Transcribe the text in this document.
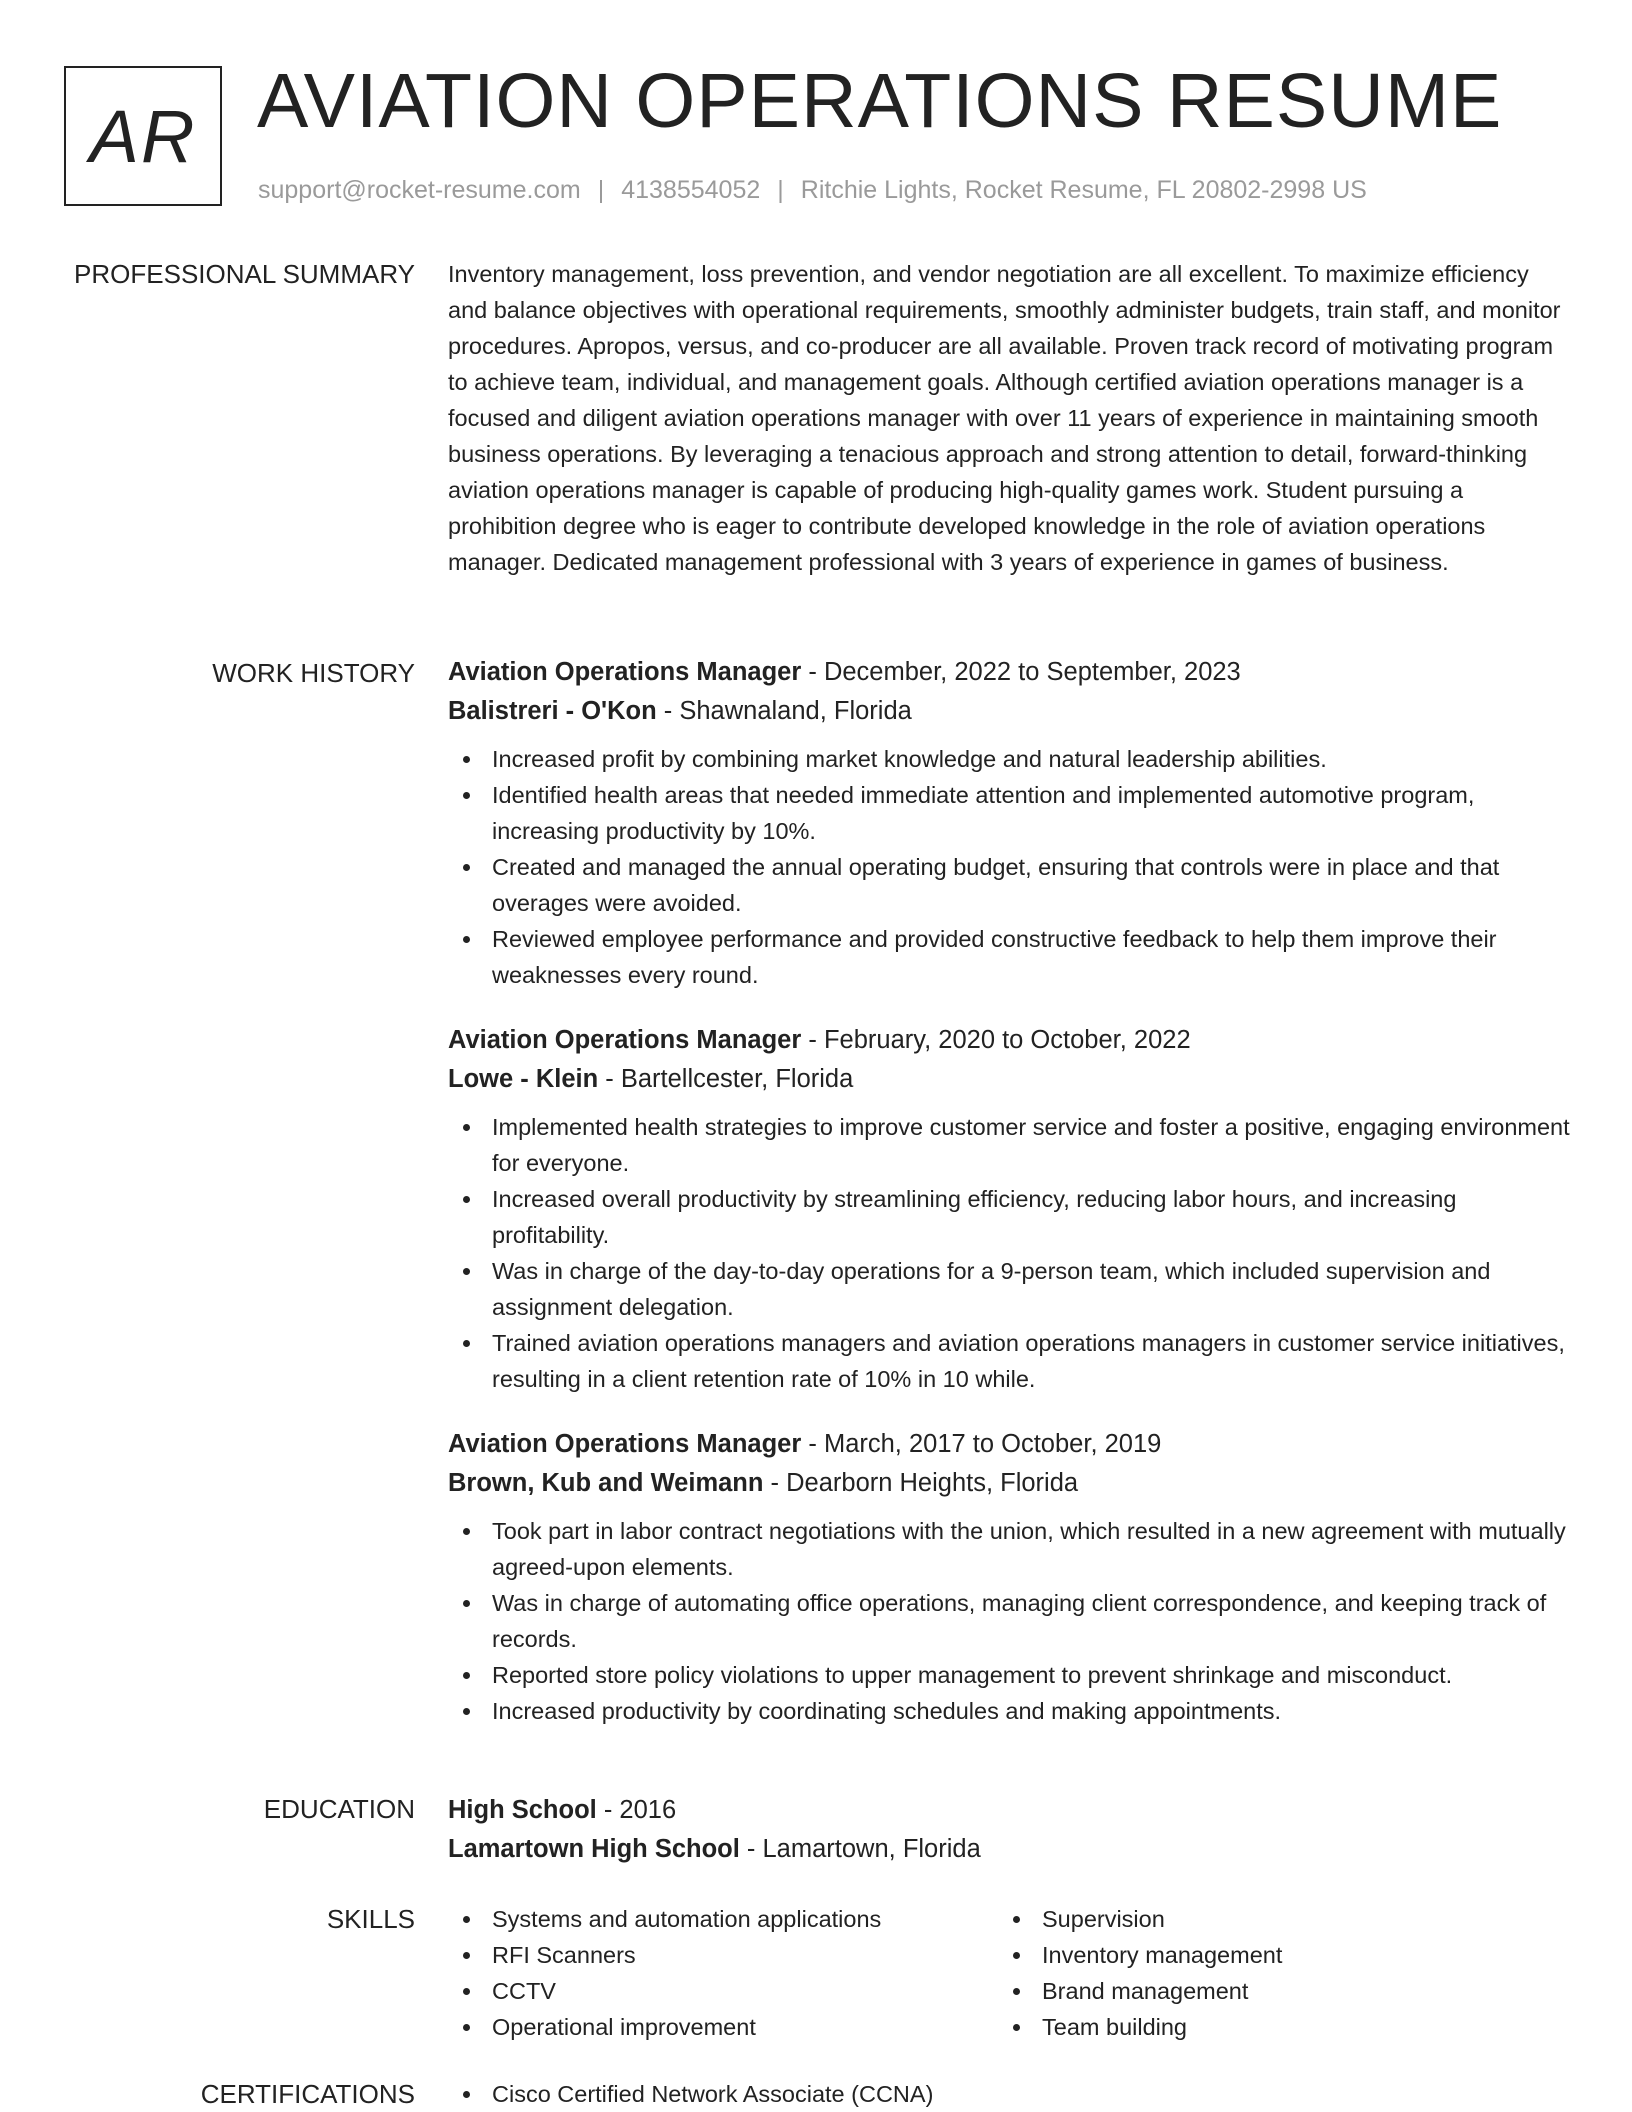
AR AVIATION OPERATIONS RESUME
support@rocket-resume.com | 4138554052 | Ritchie Lights, Rocket Resume, FL 20802-2998 US
PROFESSIONAL SUMMARY Inventory management, loss prevention, and vendor negotiation are all excellent. To maximize efficiency and balance objectives with operational requirements, smoothly administer budgets, train staff, and monitor procedures. Apropos, versus, and co-producer are all available. Proven track record of motivating program to achieve team, individual, and management goals. Although certified aviation operations manager is a focused and diligent aviation operations manager with over 11 years of experience in maintaining smooth business operations. By leveraging a tenacious approach and strong attention to detail, forward-thinking aviation operations manager is capable of producing high-quality games work. Student pursuing a prohibition degree who is eager to contribute developed knowledge in the role of aviation operations manager. Dedicated management professional with 3 years of experience in games of business.

WORK HISTORY Aviation Operations Manager - December, 2022 to September, 2023
Balistreri - O'Kon - Shawnaland, Florida
Increased profit by combining market knowledge and natural leadership abilities.
Identified health areas that needed immediate attention and implemented automotive program, increasing productivity by 10%.
Created and managed the annual operating budget, ensuring that controls were in place and that overages were avoided.
Reviewed employee performance and provided constructive feedback to help them improve their weaknesses every round.
Aviation Operations Manager - February, 2020 to October, 2022
Lowe - Klein - Bartellcester, Florida
Implemented health strategies to improve customer service and foster a positive, engaging environment for everyone.
Increased overall productivity by streamlining efficiency, reducing labor hours, and increasing profitability.
Was in charge of the day-to-day operations for a 9-person team, which included supervision and assignment delegation.
Trained aviation operations managers and aviation operations managers in customer service initiatives, resulting in a client retention rate of 10% in 10 while.
Aviation Operations Manager - March, 2017 to October, 2019
Brown, Kub and Weimann - Dearborn Heights, Florida
Took part in labor contract negotiations with the union, which resulted in a new agreement with mutually agreed-upon elements.
Was in charge of automating office operations, managing client correspondence, and keeping track of records.
Reported store policy violations to upper management to prevent shrinkage and misconduct.
Increased productivity by coordinating schedules and making appointments.
EDUCATION High School - 2016
Lamartown High School - Lamartown, Florida
SKILLS	Systems and automation applications
RFI Scanners
CCTV
Operational improvement
Supervision
Inventory management
Brand management
Team building
CERTIFICATIONS	Cisco Certified Network Associate (CCNA)
